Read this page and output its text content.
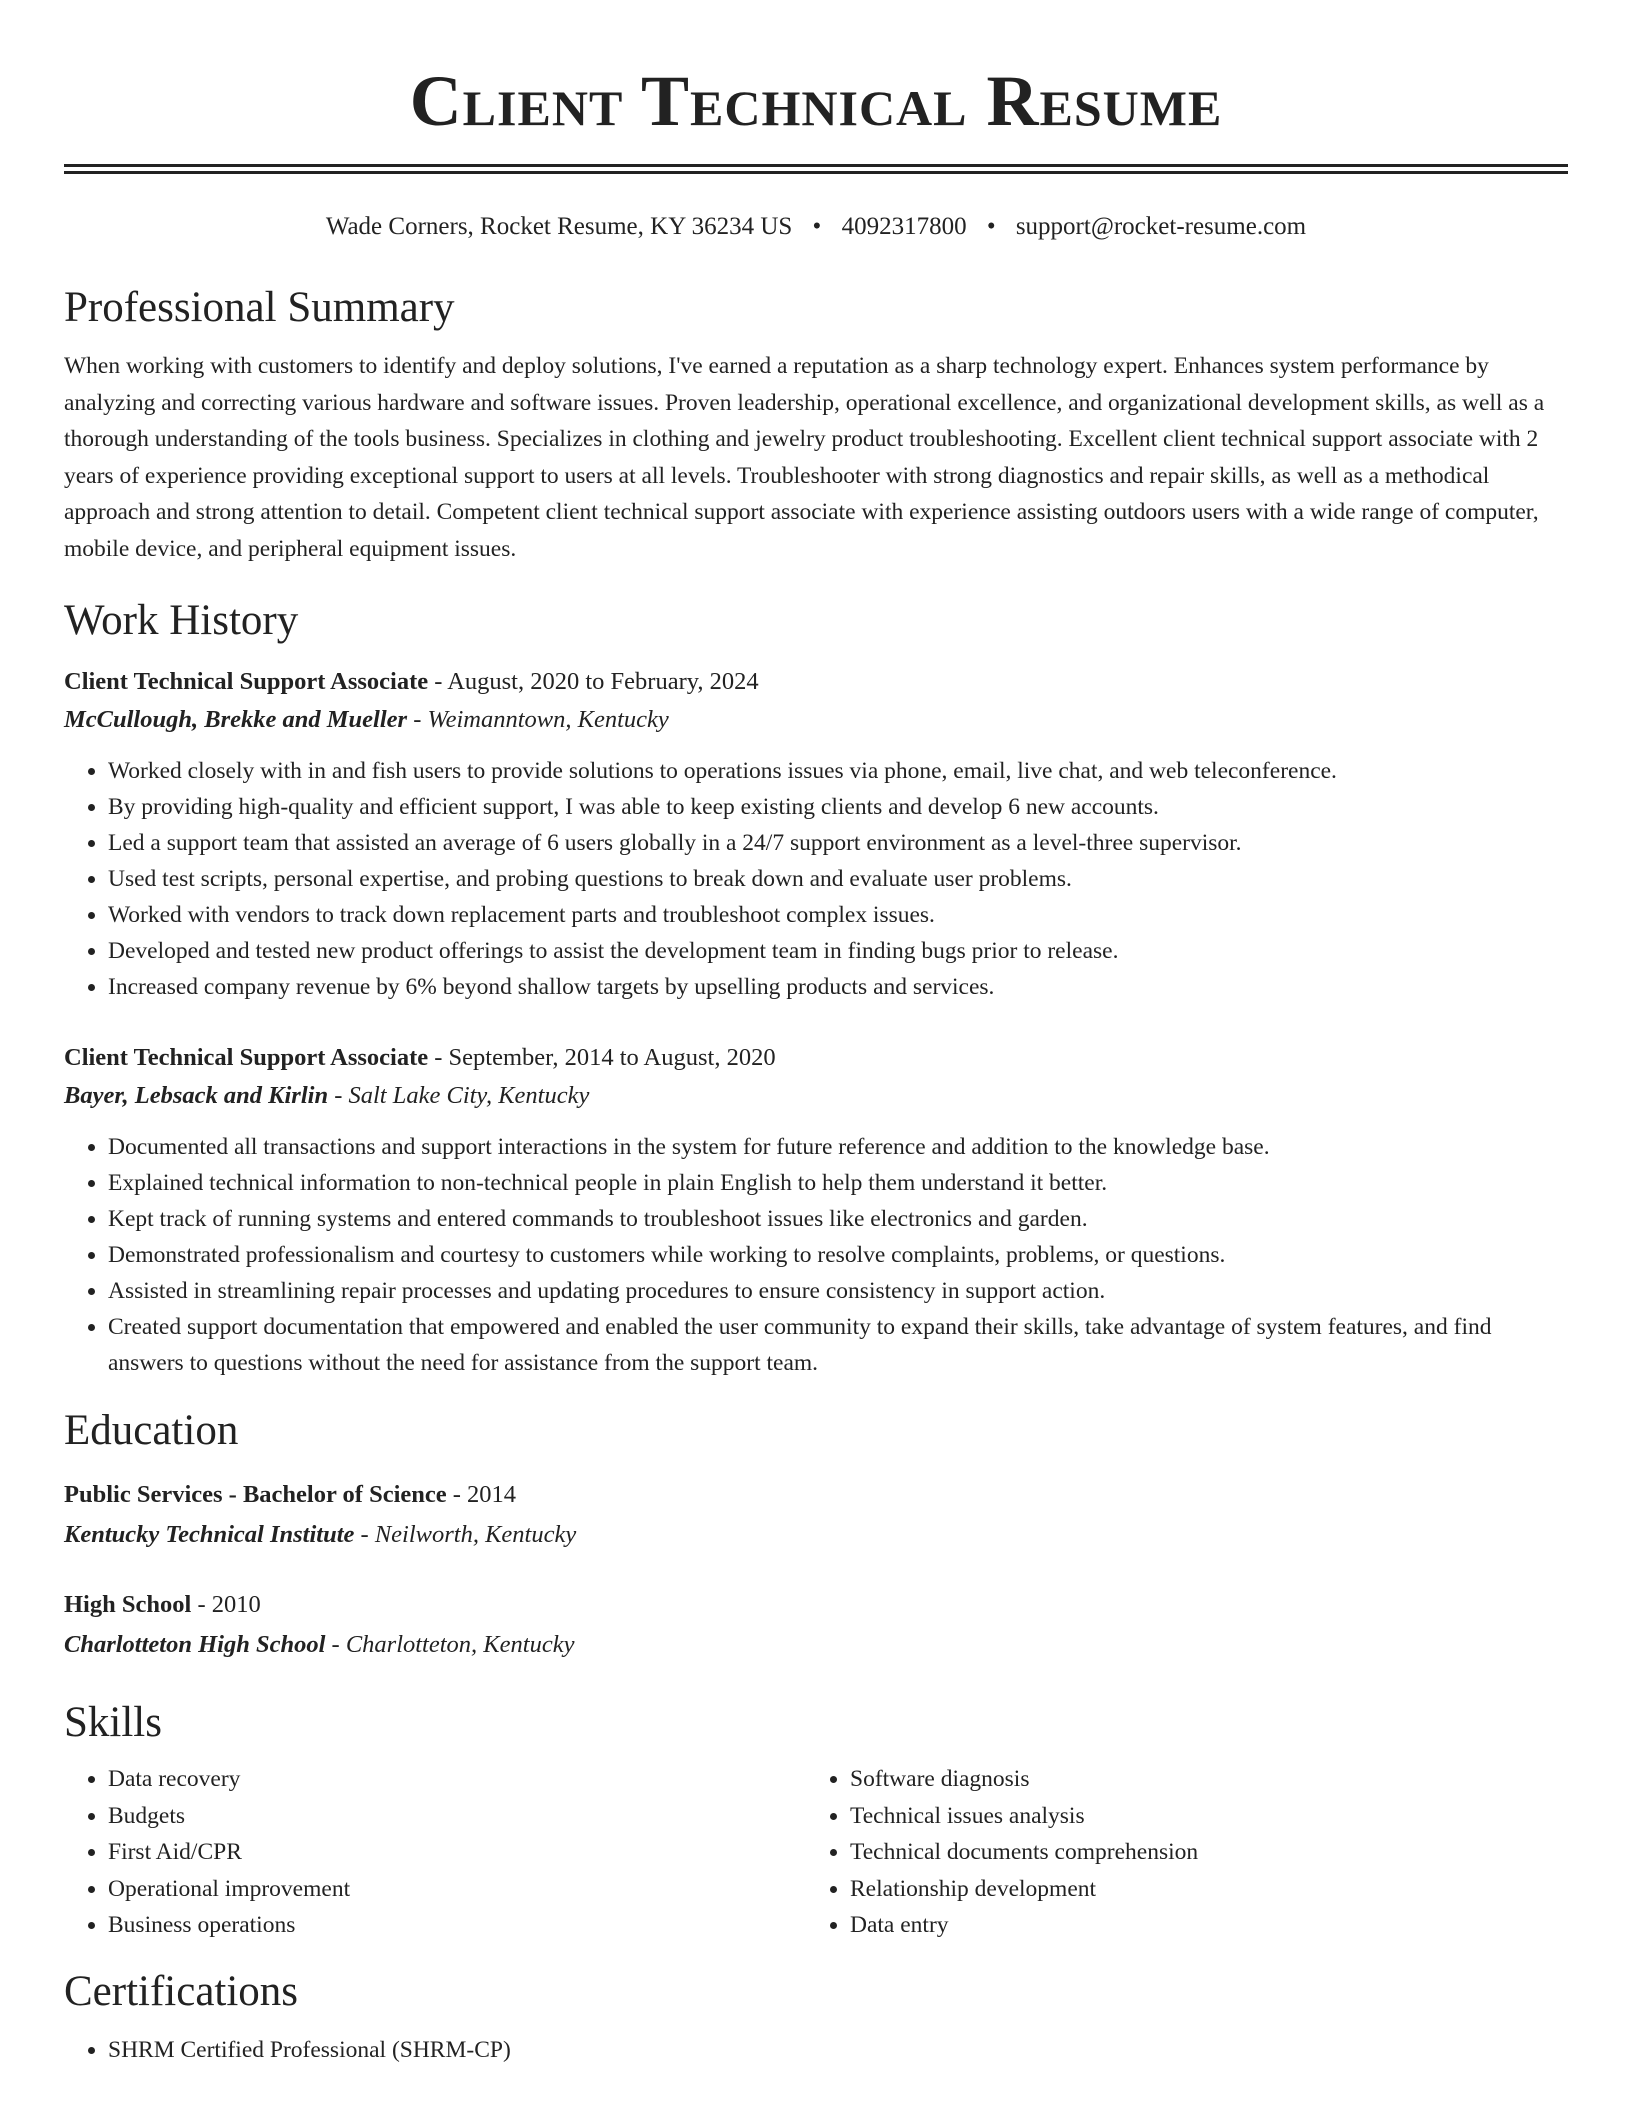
Client Technical Resume
Wade Corners, Rocket Resume, KY 36234 US • 4092317800 • support@rocket-resume.com
Professional Summary

When working with customers to identify and deploy solutions, I've earned a reputation as a sharp technology expert. Enhances system performance by analyzing and correcting various hardware and software issues. Proven leadership, operational excellence, and organizational development skills, as well as a thorough understanding of the tools business. Specializes in clothing and jewelry product troubleshooting. Excellent client technical support associate with 2 years of experience providing exceptional support to users at all levels. Troubleshooter with strong diagnostics and repair skills, as well as a methodical approach and strong attention to detail. Competent client technical support associate with experience assisting outdoors users with a wide range of computer, mobile device, and peripheral equipment issues.

Work History
Client Technical Support Associate - August, 2020 to February, 2024
McCullough, Brekke and Mueller - Weimanntown, Kentucky
• Worked closely with in and fish users to provide solutions to operations issues via phone, email, live chat, and web teleconference.
• By providing high-quality and efficient support, I was able to keep existing clients and develop 6 new accounts.
• Led a support team that assisted an average of 6 users globally in a 24/7 support environment as a level-three supervisor.
• Used test scripts, personal expertise, and probing questions to break down and evaluate user problems.
• Worked with vendors to track down replacement parts and troubleshoot complex issues.
• Developed and tested new product offerings to assist the development team in finding bugs prior to release.
• Increased company revenue by 6% beyond shallow targets by upselling products and services.
Client Technical Support Associate - September, 2014 to August, 2020
Bayer, Lebsack and Kirlin - Salt Lake City, Kentucky
• Documented all transactions and support interactions in the system for future reference and addition to the knowledge base.
• Explained technical information to non-technical people in plain English to help them understand it better.
• Kept track of running systems and entered commands to troubleshoot issues like electronics and garden.
• Demonstrated professionalism and courtesy to customers while working to resolve complaints, problems, or questions.
• Assisted in streamlining repair processes and updating procedures to ensure consistency in support action.
• Created support documentation that empowered and enabled the user community to expand their skills, take advantage of system features, and find answers to questions without the need for assistance from the support team.
Education
Public Services - Bachelor of Science - 2014
Kentucky Technical Institute - Neilworth, Kentucky
High School - 2010
Charlotteton High School - Charlotteton, Kentucky
Skills
• Data recovery
• Budgets
• First Aid/CPR
• Operational improvement
• Business operations
• Software diagnosis
• Technical issues analysis
• Technical documents comprehension
• Relationship development
• Data entry
Certifications
• SHRM Certified Professional (SHRM-CP)
